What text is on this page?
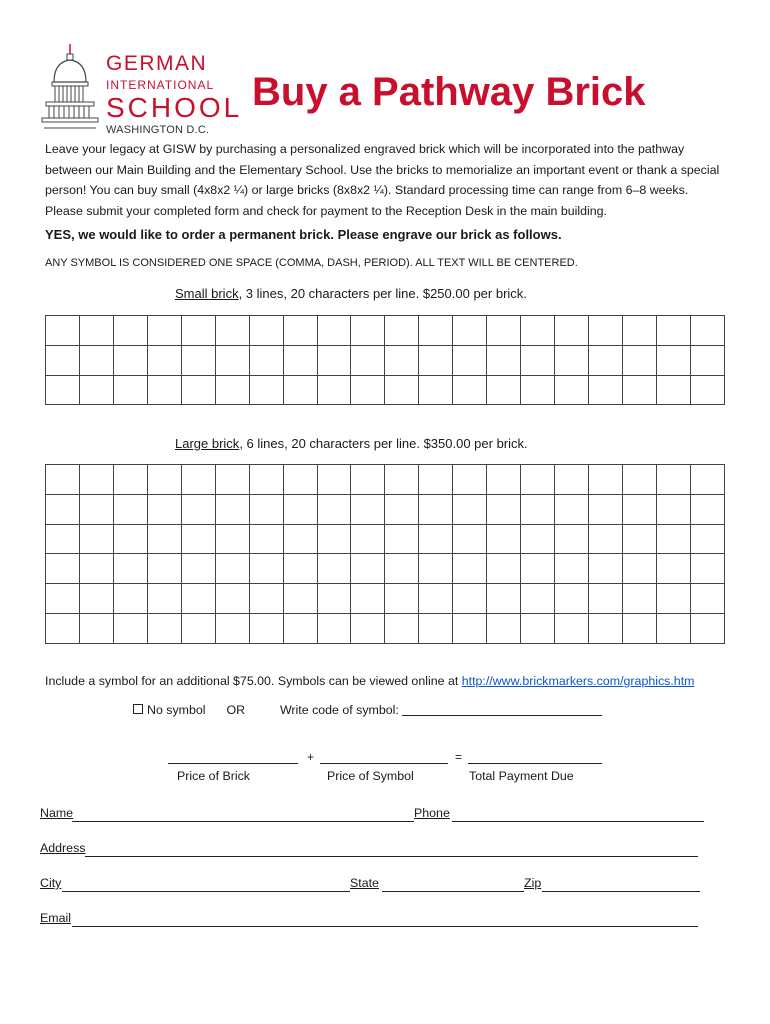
GERMAN
INTERNATIONAL
SCHOOL
WASHINGTON D.C.
Buy a Pathway Brick
Leave your legacy at GISW by purchasing a personalized engraved brick which will be incorporated into the pathway between our Main Building and the Elementary School. Use the bricks to memorialize an important event or thank a special person! You can buy small (4x8x2 ¼) or large bricks (8x8x2 ¼). Standard processing time can range from 6–8 weeks. Please submit your completed form and check for payment to the Reception Desk in the main building.
YES, we would like to order a permanent brick. Please engrave our brick as follows.
ANY SYMBOL IS CONSIDERED ONE SPACE (COMMA, DASH, PERIOD). ALL TEXT WILL BE CENTERED.
Small brick, 3 lines, 20 characters per line. $250.00 per brick.

Large brick, 6 lines, 20 characters per line. $350.00 per brick.

Include a symbol for an additional $75.00. Symbols can be viewed online at http://www.brickmarkers.com/graphics.htm
No symbol OR	Write code of symbol:
+	=
Price of Brick	Price of Symbol	Total Payment Due
Name	Phone
Address
City	State	Zip
Email
